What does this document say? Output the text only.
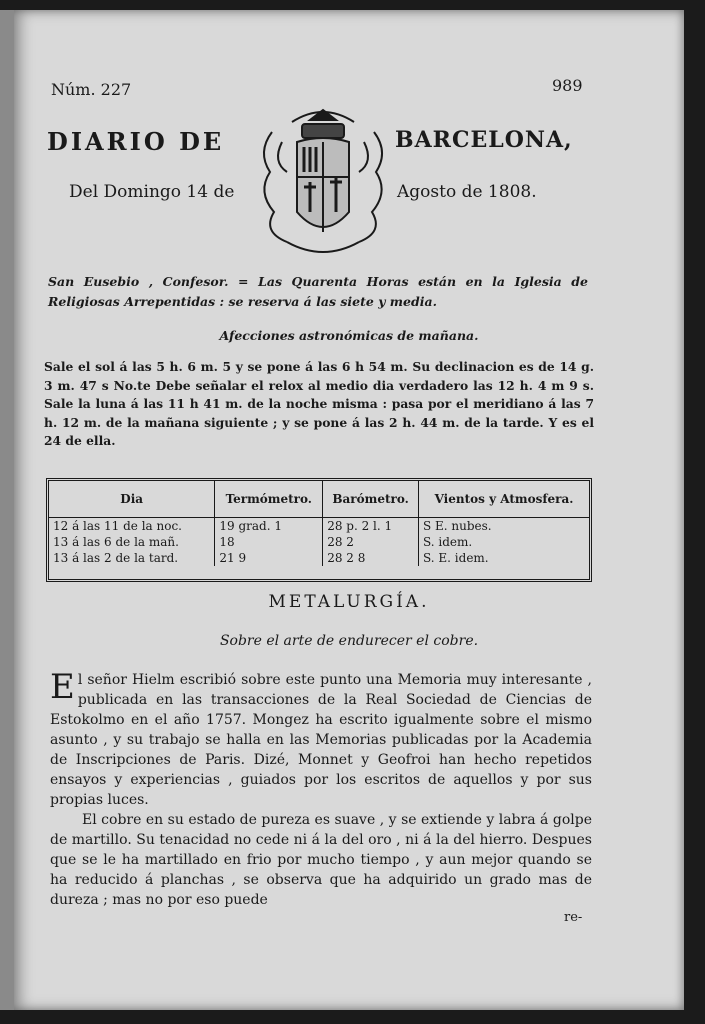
Núm. 227	989
DIARIO DE	BARCELONA,
Del Domingo 14 de	Agosto de 1808.
San Eusebio , Confesor. = Las Quarenta Horas están en la Iglesia de Religiosas Arrepentidas : se reserva á las siete y media.
Afecciones astronómicas de mañana.
Sale el sol á las 5 h. 6 m. 5 y se pone á las 6 h 54 m. Su declinacion es de 14 g. 3 m. 47 s No.te Debe señalar el relox al medio dia verdadero las 12 h. 4 m 9 s. Sale la luna á las 11 h 41 m. de la noche misma : pasa por el meridiano á las 7 h. 12 m. de la mañana siguiente ; y se pone á las 2 h. 44 m. de la tarde. Y es el 24 de ella.
Dia	Termómetro.	Barómetro.	Vientos y Atmosfera.
12 á las 11 de la noc.	19 grad. 1	28 p. 2 l. 1	S E. nubes.
13 á las 6 de la mañ.	18	28 2	S. idem.
13 á las 2 de la tard.	21 9	28 2 8	S. E. idem.
METALURGÍA.
Sobre el arte de endurecer el cobre.

El señor Hielm escribió sobre este punto una Memoria muy interesante , publicada en las transacciones de la Real Sociedad de Ciencias de Estokolmo en el año 1757. Mongez ha escrito igualmente sobre el mismo asunto , y su trabajo se halla en las Memorias publicadas por la Academia de Inscripciones de Paris. Dizé, Monnet y Geofroi han hecho repetidos ensayos y experiencias , guiados por los escritos de aquellos y por sus propias luces.

El cobre en su estado de pureza es suave , y se extiende y labra á golpe de martillo. Su tenacidad no cede ni á la del oro , ni á la del hierro. Despues que se le ha martillado en frio por mucho tiempo , y aun mejor quando se ha reducido á planchas , se observa que ha adquirido un grado mas de dureza ; mas no por eso puede

re-
